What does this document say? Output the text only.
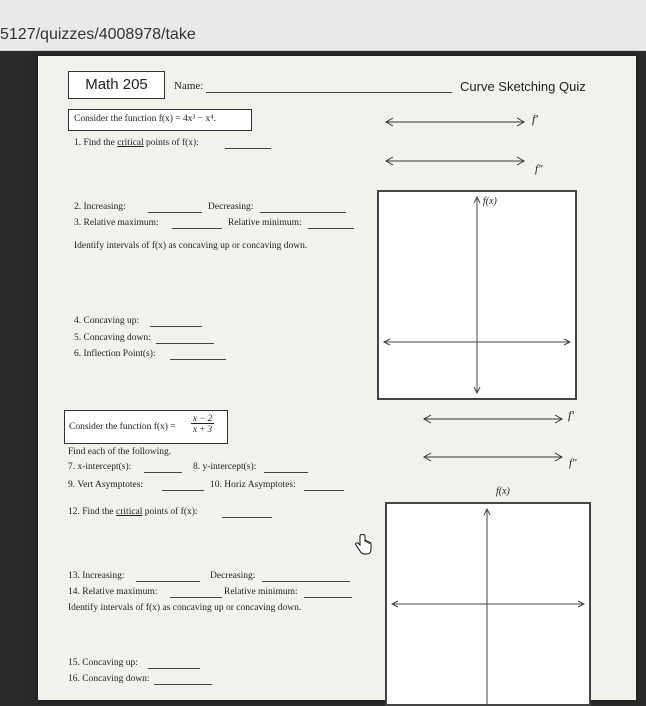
5127/quizzes/4008978/take
Math 205	Name:	Curve Sketching Quiz
Consider the function f(x) = 4x³ − x⁴.
1. Find the critical points of f(x):
2. Increasing:	Decreasing:
3. Relative maximum:	Relative minimum:
Identify intervals of f(x) as concaving up or concaving down.
4. Concaving up:
5. Concaving down:
6. Inflection Point(s):
f′
f″
f(x)
Consider the function $f(x) = \frac{x - 2}{x + 3}$
Find each of the following.
7. x-intercept(s):	8. y-intercept(s):
9. Vert Asymptotes:	10. Horiz Asymptotes:
12. Find the critical points of f(x):
13. Increasing:	Decreasing:
14. Relative maximum:	Relative minimum:
Identify intervals of f(x) as concaving up or concaving down.
15. Concaving up:
16. Concaving down:
f′
f″
f(x)
